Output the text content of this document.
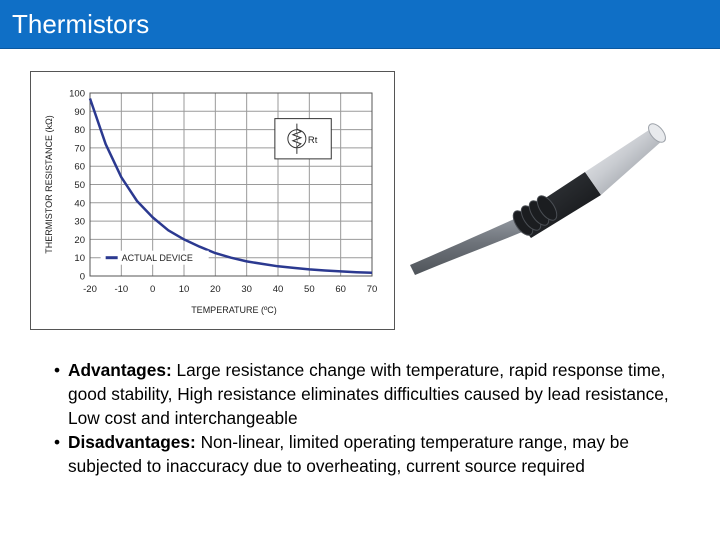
Thermistors
-20 -10 0 10 20 30 40 50 60 70
0
10
20
30
40
50
60
70
80
90
100
TEMPERATURE (ºC)
THERMISTOR RESISTANCE (kΩ)
ACTUAL DEVICE
Rt
• Advantages: Large resistance change with temperature, rapid response time, good stability, High resistance eliminates difficulties caused by lead resistance, Low cost and interchangeable
• Disadvantages: Non-linear, limited operating temperature range, may be subjected to inaccuracy due to overheating, current source required
